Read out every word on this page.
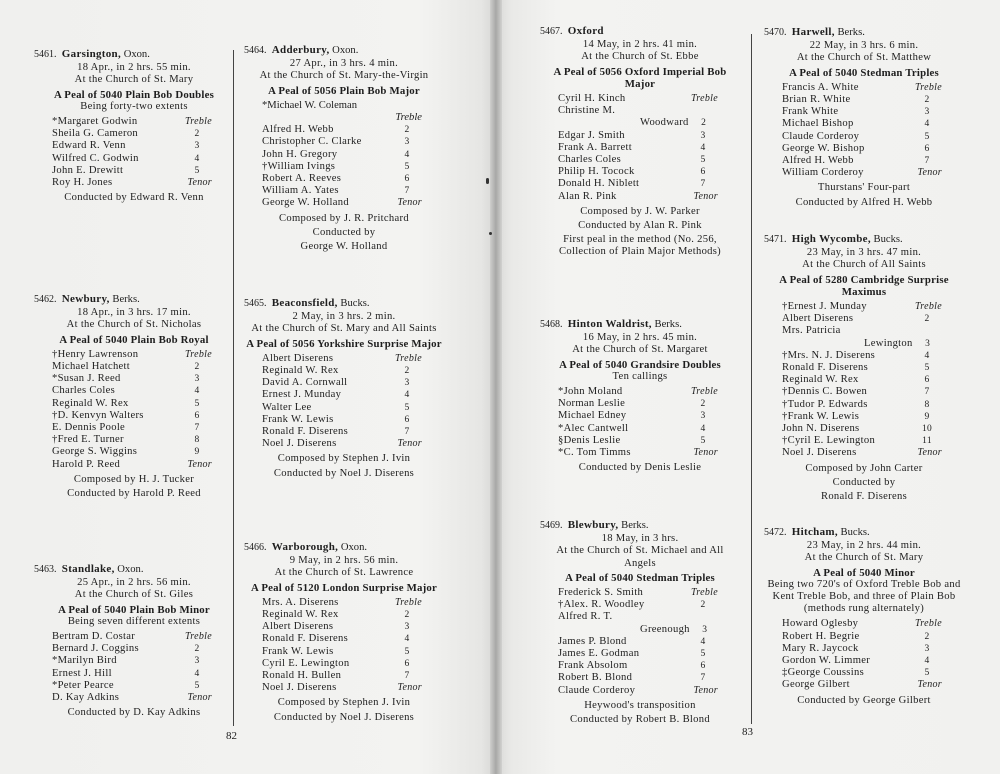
5461.  Garsington, Oxon.
18 Apr., in 2 hrs. 55 min.
At the Church of St. Mary
A Peal of 5040 Plain Bob Doubles
Being forty-two extents
*Margaret Godwin	Treble
Sheila G. Cameron	2
Edward R. Venn	3
Wilfred C. Godwin	4
John E. Drewitt	5
Roy H. Jones	Tenor
Conducted by Edward R. Venn
5462.  Newbury, Berks.
18 Apr., in 3 hrs. 17 min.
At the Church of St. Nicholas
A Peal of 5040 Plain Bob Royal
†Henry Lawrenson	Treble
Michael Hatchett	2
*Susan J. Reed	3
Charles Coles	4
Reginald W. Rex	5
†D. Kenvyn Walters	6
E. Dennis Poole	7
†Fred E. Turner	8
George S. Wiggins	9
Harold P. Reed	Tenor
Composed by H. J. Tucker
Conducted by Harold P. Reed
5463.  Standlake, Oxon.
25 Apr., in 2 hrs. 56 min.
At the Church of St. Giles
A Peal of 5040 Plain Bob Minor
Being seven different extents
Bertram D. Costar	Treble
Bernard J. Coggins	2
*Marilyn Bird	3
Ernest J. Hill	4
*Peter Pearce	5
D. Kay Adkins	Tenor
Conducted by D. Kay Adkins
5464.  Adderbury, Oxon.
27 Apr., in 3 hrs. 4 min.
At the Church of St. Mary-the-Virgin
A Peal of 5056 Plain Bob Major
*Michael W. Coleman
Treble
Alfred H. Webb	2
Christopher C. Clarke	3
John H. Gregory	4
†William Ivings	5
Robert A. Reeves	6
William A. Yates	7
George W. Holland	Tenor
Composed by J. R. Pritchard
Conducted by
George W. Holland
5465.  Beaconsfield, Bucks.
2 May, in 3 hrs. 2 min.
At the Church of St. Mary and All Saints
A Peal of 5056 Yorkshire Surprise Major
Albert Diserens	Treble
Reginald W. Rex	2
David A. Cornwall	3
Ernest J. Munday	4
Walter Lee	5
Frank W. Lewis	6
Ronald F. Diserens	7
Noel J. Diserens	Tenor
Composed by Stephen J. Ivin
Conducted by Noel J. Diserens
5466.  Warborough, Oxon.
9 May, in 2 hrs. 56 min.
At the Church of St. Lawrence
A Peal of 5120 London Surprise Major
Mrs. A. Diserens	Treble
Reginald W. Rex	2
Albert Diserens	3
Ronald F. Diserens	4
Frank W. Lewis	5
Cyril E. Lewington	6
Ronald H. Bullen	7
Noel J. Diserens	Tenor
Composed by Stephen J. Ivin
Conducted by Noel J. Diserens
5467.  Oxford
14 May, in 2 hrs. 41 min.
At the Church of St. Ebbe
A Peal of 5056 Oxford Imperial Bob Major
Cyril H. Kinch	Treble
Christine M.
Woodward	2
Edgar J. Smith	3
Frank A. Barrett	4
Charles Coles	5
Philip H. Tocock	6
Donald H. Niblett	7
Alan R. Pink	Tenor
Composed by J. W. Parker
Conducted by Alan R. Pink
First peal in the method (No. 256, Collection of Plain Major Methods)
5468.  Hinton Waldrist, Berks.
16 May, in 2 hrs. 45 min.
At the Church of St. Margaret
A Peal of 5040 Grandsire Doubles
Ten callings
*John Moland	Treble
Norman Leslie	2
Michael Edney	3
*Alec Cantwell	4
§Denis Leslie	5
*C. Tom Timms	Tenor
Conducted by Denis Leslie
5469.  Blewbury, Berks.
18 May, in 3 hrs.
At the Church of St. Michael and All Angels
A Peal of 5040 Stedman Triples
Frederick S. Smith	Treble
†Alex. R. Woodley	2
Alfred R. T.
Greenough	3
James P. Blond	4
James E. Godman	5
Frank Absolom	6
Robert B. Blond	7
Claude Corderoy	Tenor
Heywood's transposition
Conducted by Robert B. Blond
5470.  Harwell, Berks.
22 May, in 3 hrs. 6 min.
At the Church of St. Matthew
A Peal of 5040 Stedman Triples
Francis A. White	Treble
Brian R. White	2
Frank White	3
Michael Bishop	4
Claude Corderoy	5
George W. Bishop	6
Alfred H. Webb	7
William Corderoy	Tenor
Thurstans' Four-part
Conducted by Alfred H. Webb
5471.  High Wycombe, Bucks.
23 May, in 3 hrs. 47 min.
At the Church of All Saints
A Peal of 5280 Cambridge Surprise Maximus
†Ernest J. Munday	Treble
Albert Diserens	2
Mrs. Patricia
Lewington	3
†Mrs. N. J. Diserens	4
Ronald F. Diserens	5
Reginald W. Rex	6
†Dennis C. Bowen	7
†Tudor P. Edwards	8
†Frank W. Lewis	9
John N. Diserens	10
†Cyril E. Lewington	11
Noel J. Diserens	Tenor
Composed by John Carter
Conducted by
Ronald F. Diserens
5472.  Hitcham, Bucks.
23 May, in 2 hrs. 44 min.
At the Church of St. Mary
A Peal of 5040 Minor
Being two 720's of Oxford Treble Bob and Kent Treble Bob, and three of Plain Bob (methods rung alternately)
Howard Oglesby	Treble
Robert H. Begrie	2
Mary R. Jaycock	3
Gordon W. Limmer	4
‡George Coussins	5
George Gilbert	Tenor
Conducted by George Gilbert
82	83
